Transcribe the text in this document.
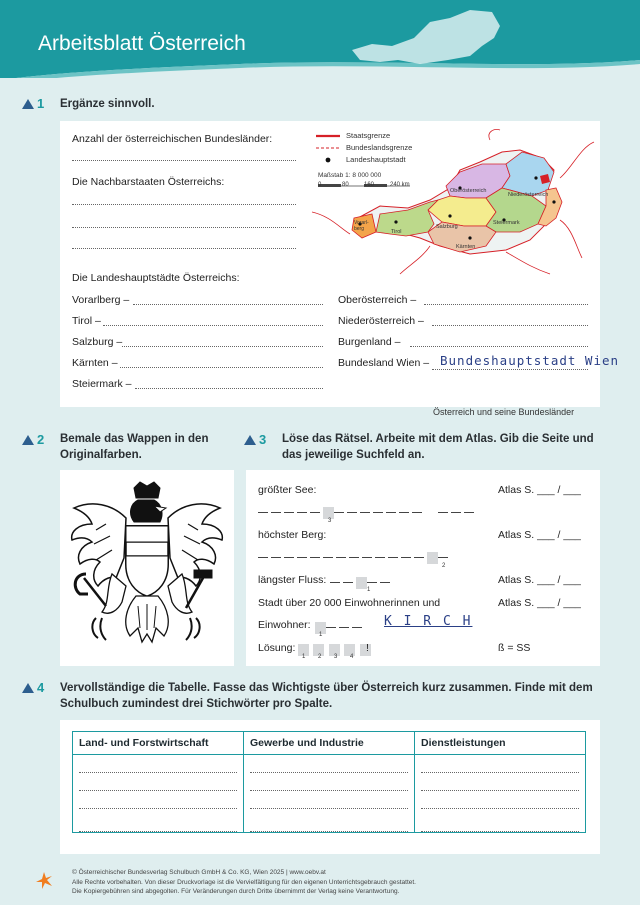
Arbeitsblatt Österreich
1 Ergänze sinnvoll.
Anzahl der österreichischen Bundesländer:
Die Nachbarstaaten Österreichs:
Die Landeshauptstädte Österreichs:
Vorarlberg –
Tirol –
Salzburg –
Kärnten –
Steiermark –
Oberösterreich –
Niederösterreich –
Burgenland –
Bundesland Wien – Bundeshauptstadt Wien
Staatsgrenze
Bundeslandsgrenze
Landeshauptstadt
Maßstab 1: 8 000 000
0	80	160	240 km
Oberösterreich
Niederösterreich
Vorarl-berg	Tirol
Salzburg
Steiermark
Kärnten
Österreich und seine Bundesländer
2 Bemale das Wappen in den Originalfarben.
3 Löse das Rätsel. Arbeite mit dem Atlas. Gib die Seite und das jeweilige Suchfeld an.
größter See:	Atlas S. ___ / ___

3
höchster Berg:	Atlas S. ___ / ___
2
längster Fluss:
1
Atlas S. ___ / ___
Stadt über 20 000 Einwohnerinnen und	Atlas S. ___ / ___
Einwohner:
1
K I R C H
Lösung:

1 2 3 4
!	ß = SS
4 Vervollständige die Tabelle. Fasse das Wichtigste über Österreich kurz zusammen. Finde mit dem Schulbuch zumindest drei Stichwörter pro Spalte.
Land- und Forstwirtschaft	Gewerbe und Industrie	Dienstleistungen

© Österreichischer Bundesverlag Schulbuch GmbH & Co. KG, Wien 2025 | www.oebv.at
Alle Rechte vorbehalten. Von dieser Druckvorlage ist die Vervielfältigung für den eigenen Unterrichtsgebrauch gestattet.
Die Kopiergebühren sind abgegolten. Für Veränderungen durch Dritte übernimmt der Verlag keine Verantwortung.
